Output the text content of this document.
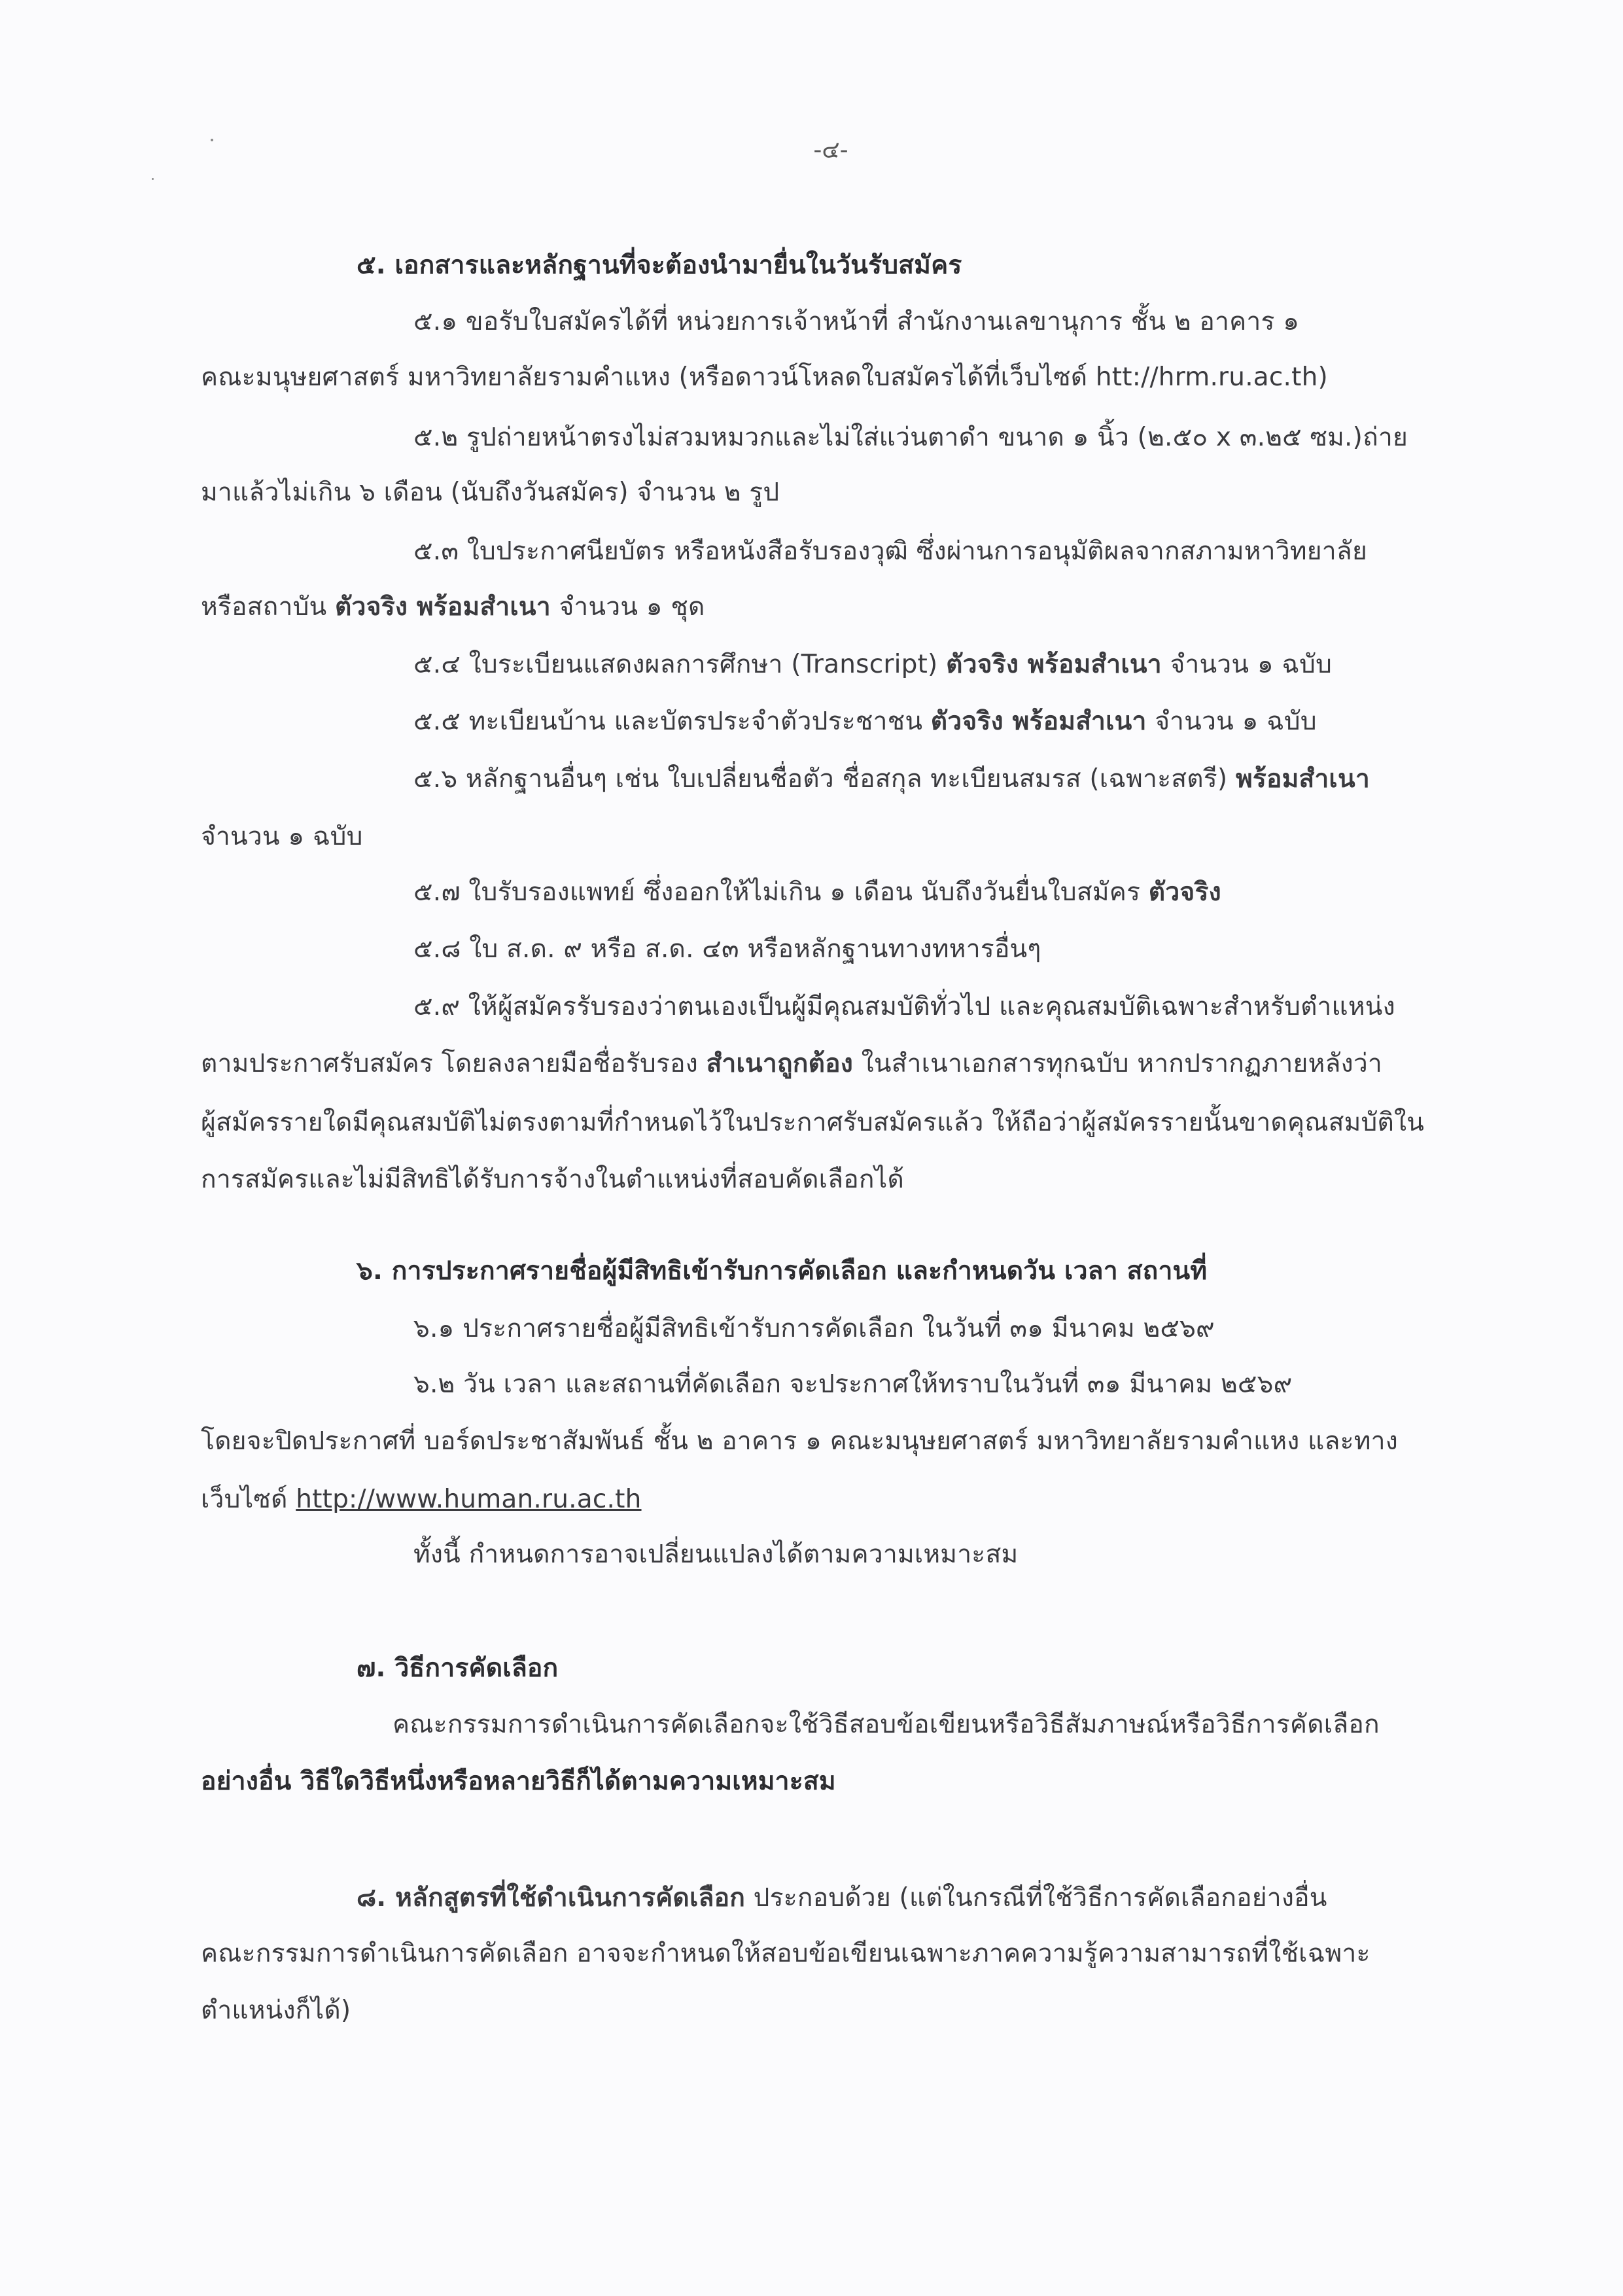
-๔-
๕. เอกสารและหลักฐานที่จะต้องนำมายื่นในวันรับสมัคร
๕.๑ ขอรับใบสมัครได้ที่ หน่วยการเจ้าหน้าที่ สำนักงานเลขานุการ ชั้น ๒ อาคาร ๑
คณะมนุษยศาสตร์ มหาวิทยาลัยรามคำแหง (หรือดาวน์โหลดใบสมัครได้ที่เว็บไซด์ htt://hrm.ru.ac.th)
๕.๒ รูปถ่ายหน้าตรงไม่สวมหมวกและไม่ใส่แว่นตาดำ ขนาด ๑ นิ้ว (๒.๕๐ x ๓.๒๕ ซม.)ถ่าย
มาแล้วไม่เกิน ๖ เดือน (นับถึงวันสมัคร) จำนวน ๒ รูป
๕.๓ ใบประกาศนียบัตร หรือหนังสือรับรองวุฒิ ซึ่งผ่านการอนุมัติผลจากสภามหาวิทยาลัย
หรือสถาบัน ตัวจริง พร้อมสำเนา จำนวน ๑ ชุด
๕.๔ ใบระเบียนแสดงผลการศึกษา (Transcript) ตัวจริง พร้อมสำเนา จำนวน ๑ ฉบับ
๕.๕ ทะเบียนบ้าน และบัตรประจำตัวประชาชน ตัวจริง พร้อมสำเนา จำนวน ๑ ฉบับ
๕.๖ หลักฐานอื่นๆ เช่น ใบเปลี่ยนชื่อตัว ชื่อสกุล ทะเบียนสมรส (เฉพาะสตรี) พร้อมสำเนา
จำนวน ๑ ฉบับ
๕.๗ ใบรับรองแพทย์ ซึ่งออกให้ไม่เกิน ๑ เดือน นับถึงวันยื่นใบสมัคร ตัวจริง
๕.๘ ใบ ส.ด. ๙ หรือ ส.ด. ๔๓ หรือหลักฐานทางทหารอื่นๆ
๕.๙ ให้ผู้สมัครรับรองว่าตนเองเป็นผู้มีคุณสมบัติทั่วไป และคุณสมบัติเฉพาะสำหรับตำแหน่ง
ตามประกาศรับสมัคร โดยลงลายมือชื่อรับรอง สำเนาถูกต้อง ในสำเนาเอกสารทุกฉบับ หากปรากฏภายหลังว่า
ผู้สมัครรายใดมีคุณสมบัติไม่ตรงตามที่กำหนดไว้ในประกาศรับสมัครแล้ว ให้ถือว่าผู้สมัครรายนั้นขาดคุณสมบัติใน
การสมัครและไม่มีสิทธิได้รับการจ้างในตำแหน่งที่สอบคัดเลือกได้
๖. การประกาศรายชื่อผู้มีสิทธิเข้ารับการคัดเลือก และกำหนดวัน เวลา สถานที่
๖.๑ ประกาศรายชื่อผู้มีสิทธิเข้ารับการคัดเลือก ในวันที่ ๓๑ มีนาคม ๒๕๖๙
๖.๒ วัน เวลา และสถานที่คัดเลือก จะประกาศให้ทราบในวันที่ ๓๑ มีนาคม ๒๕๖๙
โดยจะปิดประกาศที่ บอร์ดประชาสัมพันธ์ ชั้น ๒ อาคาร ๑ คณะมนุษยศาสตร์ มหาวิทยาลัยรามคำแหง และทาง
เว็บไซด์ http://www.human.ru.ac.th
ทั้งนี้ กำหนดการอาจเปลี่ยนแปลงได้ตามความเหมาะสม
๗. วิธีการคัดเลือก
คณะกรรมการดำเนินการคัดเลือกจะใช้วิธีสอบข้อเขียนหรือวิธีสัมภาษณ์หรือวิธีการคัดเลือก
อย่างอื่น วิธีใดวิธีหนึ่งหรือหลายวิธีก็ได้ตามความเหมาะสม
๘. หลักสูตรที่ใช้ดำเนินการคัดเลือก ประกอบด้วย (แต่ในกรณีที่ใช้วิธีการคัดเลือกอย่างอื่น
คณะกรรมการดำเนินการคัดเลือก อาจจะกำหนดให้สอบข้อเขียนเฉพาะภาคความรู้ความสามารถที่ใช้เฉพาะ
ตำแหน่งก็ได้)
